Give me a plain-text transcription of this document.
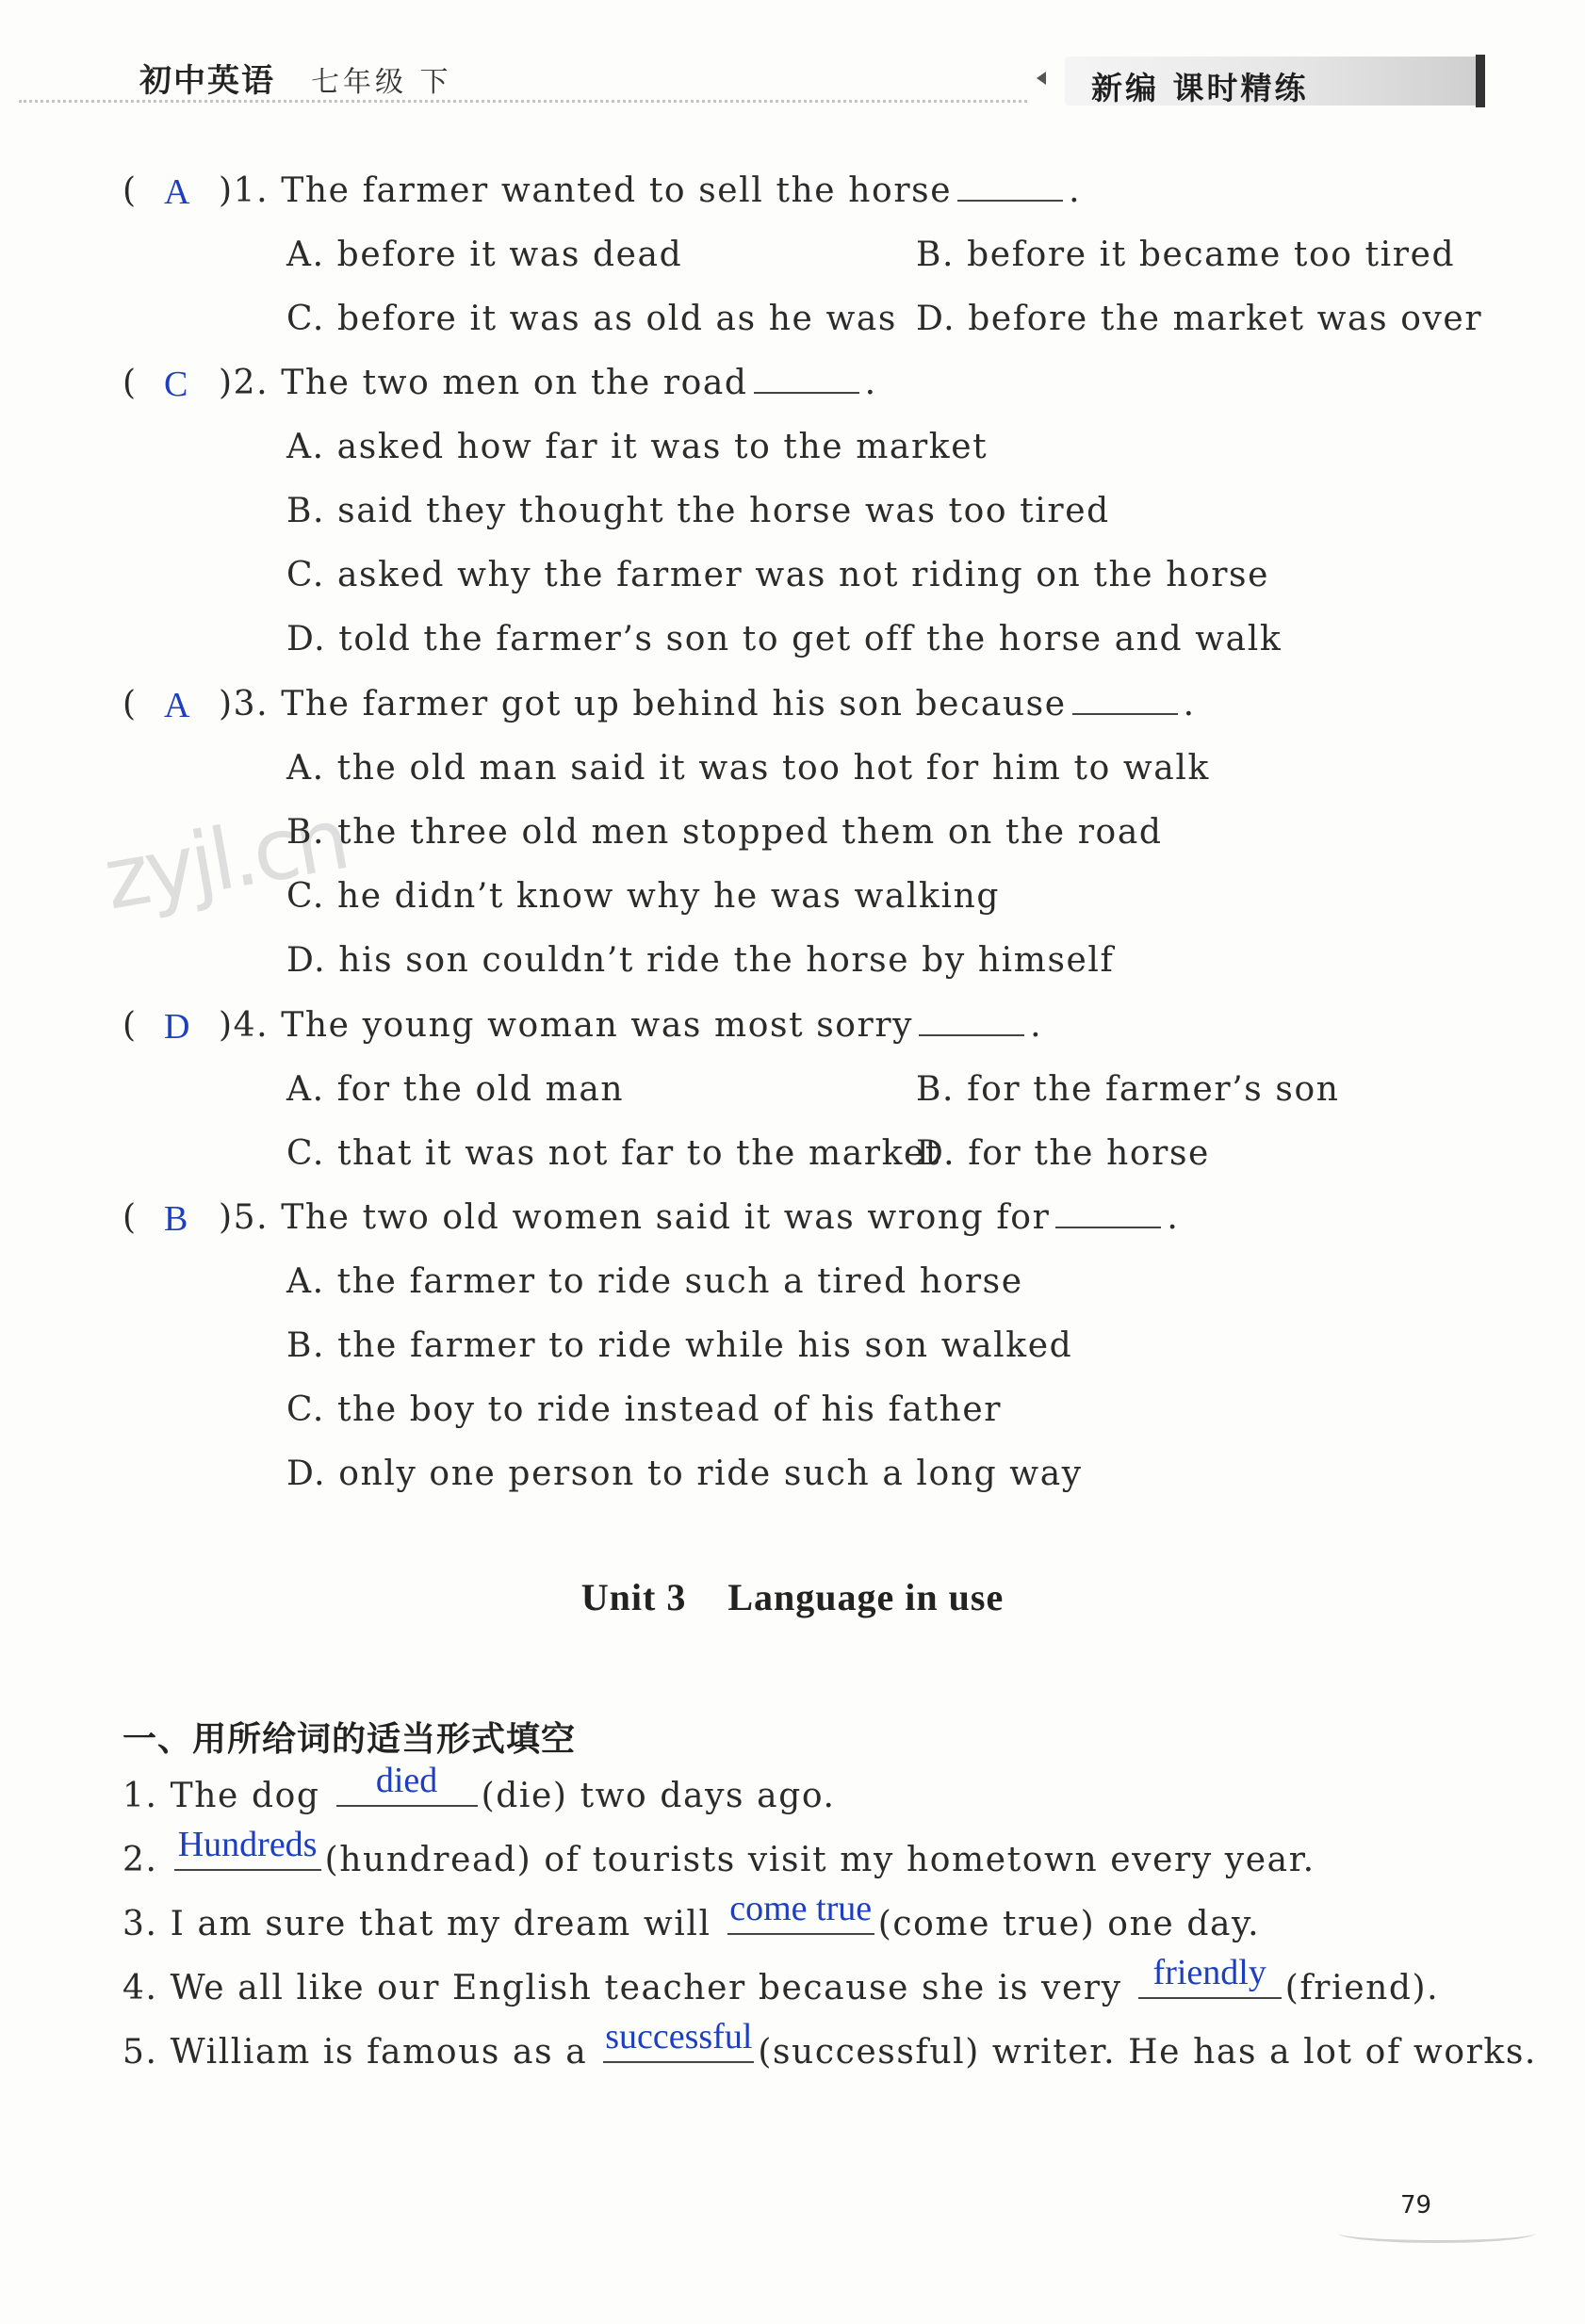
初中英语 七年级 下	新编 课时精练
zyjl.cn
( A )1. The farmer wanted to sell the horse	.
A. before it was dead	B. before it became too tired
C. before it was as old as he was D. before the market was over
( C )2. The two men on the road	.
A. asked how far it was to the market
B. said they thought the horse was too tired
C. asked why the farmer was not riding on the horse
D. told the farmer’s son to get off the horse and walk
( A )3. The farmer got up behind his son because	.
A. the old man said it was too hot for him to walk
B. the three old men stopped them on the road
C. he didn’t know why he was walking
D. his son couldn’t ride the horse by himself
( D )4. The young woman was most sorry	.
A. for the old man	B. for the farmer’s son
C. that it was not far to the market
D. for the horse
( B )5. The two old women said it was wrong for	.
A. the farmer to ride such a tired horse
B. the farmer to ride while his son walked
C. the boy to ride instead of his father
D. only one person to ride such a long way
Unit 3    Language in use
一、用所给词的适当形式填空
1. The dog	died	(die) two days ago.
2. Hundreds (hundread) of tourists visit my hometown every year.
3. I am sure that my dream will come true (come true) one day.
4. We all like our English teacher because she is very friendly (friend).
5. William is famous as a successful (successful) writer. He has a lot of works.
79
